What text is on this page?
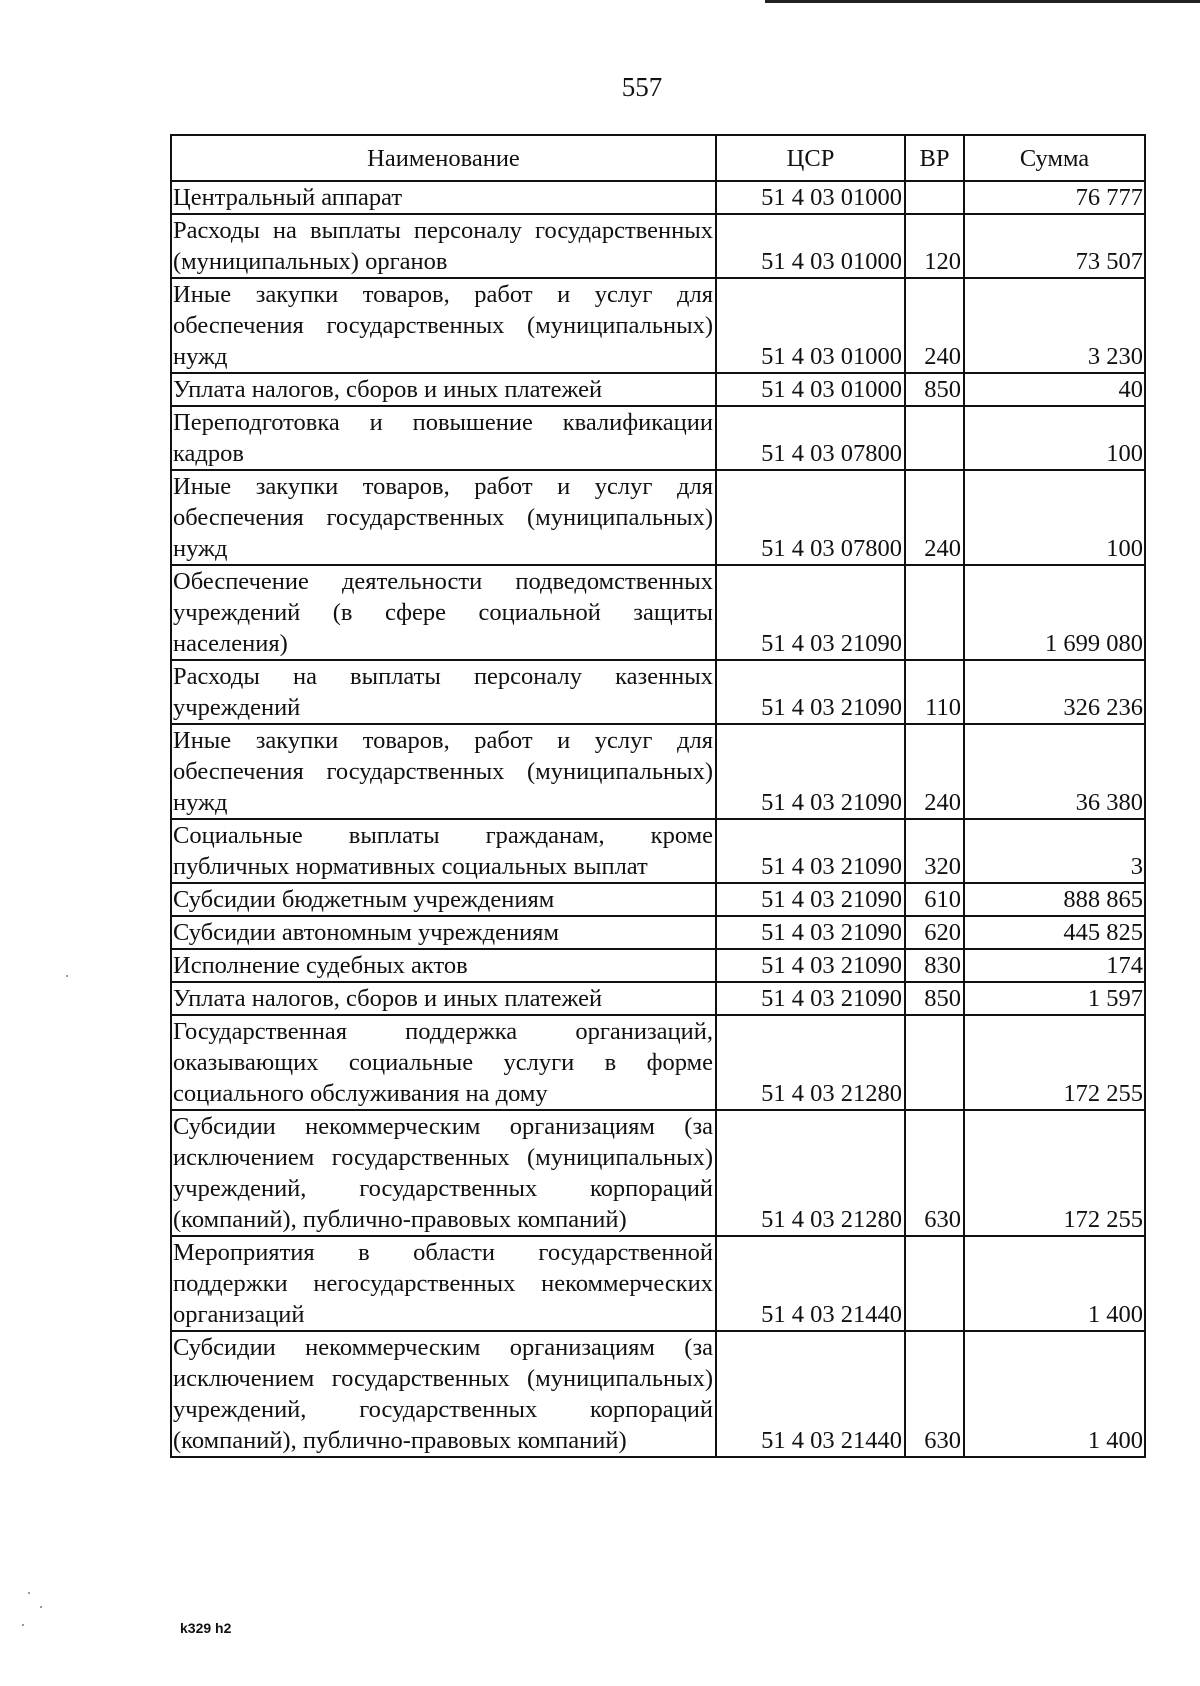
557
Наименование	ЦСР	ВР	Сумма
Центральный аппарат	51 4 03 01000		76 777
Расходы на выплаты персоналу государственных (муниципальных) органов	51 4 03 01000	120	73 507
Иные закупки товаров, работ и услуг для обеспечения государственных (муниципальных) нужд	51 4 03 01000	240	3 230
Уплата налогов, сборов и иных платежей	51 4 03 01000	850	40
Переподготовка и повышение квалификации кадров	51 4 03 07800		100
Иные закупки товаров, работ и услуг для обеспечения государственных (муниципальных) нужд	51 4 03 07800	240	100
Обеспечение деятельности подведомственных учреждений (в сфере социальной защиты населения)	51 4 03 21090		1 699 080
Расходы на выплаты персоналу казенных учреждений	51 4 03 21090	110	326 236
Иные закупки товаров, работ и услуг для обеспечения государственных (муниципальных) нужд	51 4 03 21090	240	36 380
Социальные выплаты гражданам, кроме публичных нормативных социальных выплат	51 4 03 21090	320	3
Субсидии бюджетным учреждениям	51 4 03 21090	610	888 865
Субсидии автономным учреждениям	51 4 03 21090	620	445 825
Исполнение судебных актов	51 4 03 21090	830	174
Уплата налогов, сборов и иных платежей	51 4 03 21090	850	1 597
Государственная поддержка организаций, оказывающих социальные услуги в форме социального обслуживания на дому	51 4 03 21280		172 255
Субсидии некоммерческим организациям (за исключением государственных (муниципальных) учреждений, государственных корпораций (компаний), публично-правовых компаний)	51 4 03 21280	630	172 255
Мероприятия в области государственной поддержки негосударственных некоммерческих организаций	51 4 03 21440		1 400
Субсидии некоммерческим организациям (за исключением государственных (муниципальных) учреждений, государственных корпораций (компаний), публично-правовых компаний)	51 4 03 21440	630	1 400
k329 h2
